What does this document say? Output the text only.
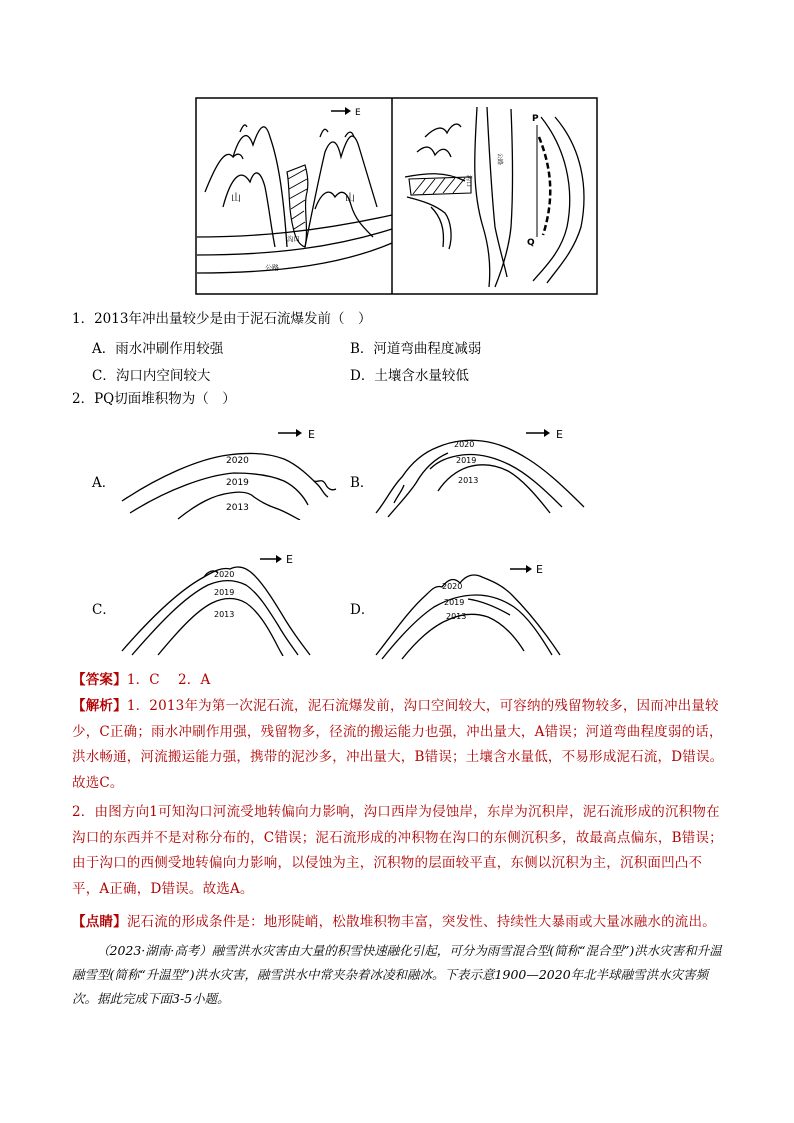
E
山	山
沟口
公路
P
Q
公路
沟口
1．2013年冲出量较少是由于泥石流爆发前（　）
A．雨水冲刷作用较强	B．河道弯曲程度减弱
C．沟口内空间较大	D．土壤含水量较低
2．PQ切面堆积物为（　）
A．	B．
C．	D．
E
2020
2019
2013
E
2020
2019
2013
E
2020
2019
2013
E
2020
2019
2013
【答案】1．C　 2．A
【解析】1．2013年为第一次泥石流，泥石流爆发前，沟口空间较大，可容纳的残留物较多，因而冲出量较少，C正确；雨水冲刷作用强，残留物多，径流的搬运能力也强，冲出量大，A错误；河道弯曲程度弱的话，洪水畅通，河流搬运能力强，携带的泥沙多，冲出量大，B错误；土壤含水量低，不易形成泥石流，D错误。故选C。
2．由图方向1可知沟口河流受地转偏向力影响，沟口西岸为侵蚀岸，东岸为沉积岸，泥石流形成的沉积物在沟口的东西并不是对称分布的，C错误；泥石流形成的冲积物在沟口的东侧沉积多，故最高点偏东，B错误；由于沟口的西侧受地转偏向力影响，以侵蚀为主，沉积物的层面较平直，东侧以沉积为主，沉积面凹凸不平，A正确，D错误。故选A。
【点睛】泥石流的形成条件是：地形陡峭，松散堆积物丰富，突发性、持续性大暴雨或大量冰融水的流出。
（2023·湖南·高考）融雪洪水灾害由大量的积雪快速融化引起，可分为雨雪混合型(简称“混合型”)洪水灾害和升温融雪型(简称“升温型”)洪水灾害，融雪洪水中常夹杂着冰凌和融冰。下表示意1900—2020年北半球融雪洪水灾害频次。据此完成下面3-5小题。
